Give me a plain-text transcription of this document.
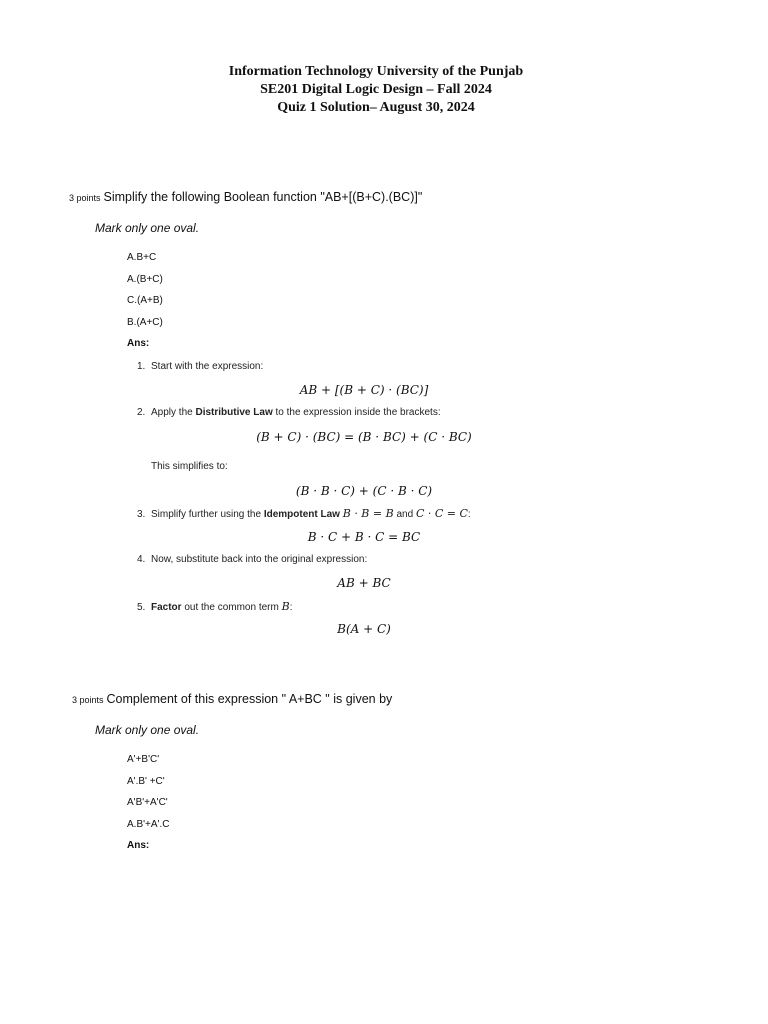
Information Technology University of the Punjab
SE201 Digital Logic Design – Fall 2024
Quiz 1 Solution– August 30, 2024
3 points Simplify the following Boolean function "AB+[(B+C).(BC)]"
Mark only one oval.
A.B+C
A.(B+C)
C.(A+B)
B.(A+C)
Ans:
1. Start with the expression:
AB + [(B + C) · (BC)]
2. Apply the Distributive Law to the expression inside the brackets:
(B + C) · (BC) = (B · BC) + (C · BC)
This simplifies to:
(B · B · C) + (C · B · C)
3. Simplify further using the Idempotent Law B · B = B and C · C = C:
B · C + B · C = BC
4. Now, substitute back into the original expression:
AB + BC
5. Factor out the common term B:
B(A + C)
3 points Complement of this expression " A+BC " is given by
Mark only one oval.
A'+B'C'
A'.B' +C'
A'B'+A'C'
A.B'+A'.C
Ans:
